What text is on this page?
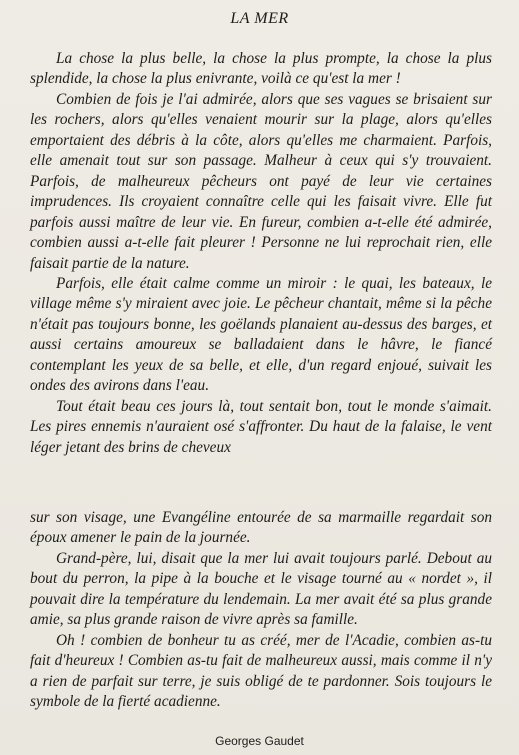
LA MER

La chose la plus belle, la chose la plus prompte, la chose la plus splendide, la chose la plus enivrante, voilà ce qu'est la mer !

Combien de fois je l'ai admirée, alors que ses vagues se brisaient sur les rochers, alors qu'elles venaient mourir sur la plage, alors qu'elles emportaient des débris à la côte, alors qu'elles me charmaient. Parfois, elle amenait tout sur son passage. Malheur à ceux qui s'y trouvaient. Parfois, de malheureux pêcheurs ont payé de leur vie certaines imprudences. Ils croyaient connaître celle qui les faisait vivre. Elle fut parfois aussi maître de leur vie. En fureur, combien a-t-elle été admirée, combien aussi a-t-elle fait pleurer ! Personne ne lui reprochait rien, elle faisait partie de la nature.

Parfois, elle était calme comme un miroir : le quai, les bateaux, le village même s'y miraient avec joie. Le pêcheur chantait, même si la pêche n'était pas toujours bonne, les goëlands planaient au-dessus des barges, et aussi certains amoureux se balladaient dans le hâvre, le fiancé contemplant les yeux de sa belle, et elle, d'un regard enjoué, suivait les ondes des avirons dans l'eau.

Tout était beau ces jours là, tout sentait bon, tout le monde s'aimait. Les pires ennemis n'auraient osé s'affronter. Du haut de la falaise, le vent léger jetant des brins de cheveux

sur son visage, une Evangéline entourée de sa marmaille regardait son époux amener le pain de la journée.

Grand-père, lui, disait que la mer lui avait toujours parlé. Debout au bout du perron, la pipe à la bouche et le visage tourné au « nordet », il pouvait dire la température du lendemain. La mer avait été sa plus grande amie, sa plus grande raison de vivre après sa famille.

Oh ! combien de bonheur tu as créé, mer de l'Acadie, combien as-tu fait d'heureux ! Combien as-tu fait de malheureux aussi, mais comme il n'y a rien de parfait sur terre, je suis obligé de te pardonner. Sois toujours le symbole de la fierté acadienne.

Georges Gaudet
